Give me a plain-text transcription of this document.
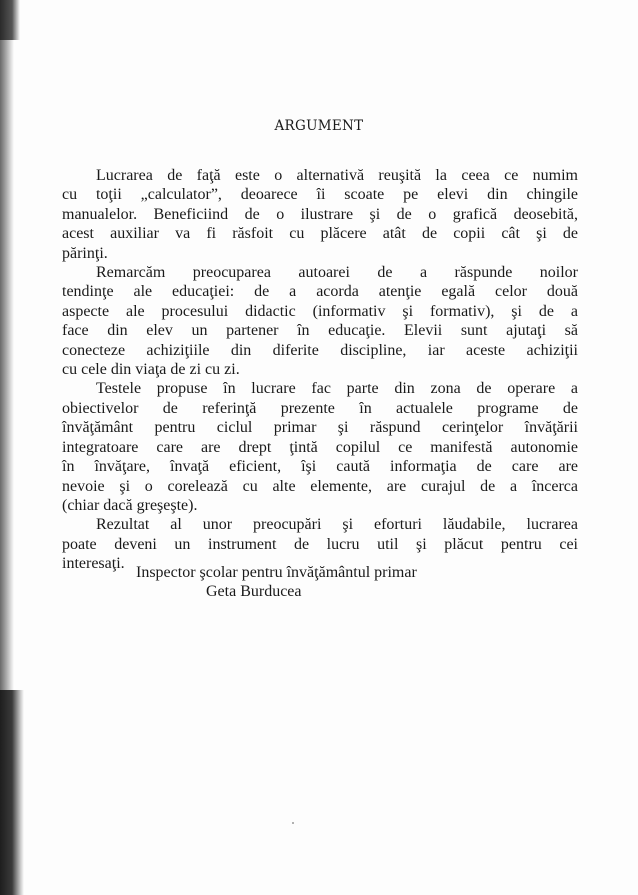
ARGUMENT
Lucrarea de faţă este o alternativă reuşită la ceea ce numim
cu toţii „calculator”, deoarece îi scoate pe elevi din chingile
manualelor. Beneficiind de o ilustrare şi de o grafică deosebită,
acest auxiliar va fi răsfoit cu plăcere atât de copii cât şi de
părinţi.
Remarcăm preocuparea autoarei de a răspunde noilor
tendinţe ale educaţiei: de a acorda atenţie egală celor două
aspecte ale procesului didactic (informativ şi formativ), şi de a
face din elev un partener în educaţie. Elevii sunt ajutaţi să
conecteze achiziţiile din diferite discipline, iar aceste achiziţii
cu cele din viaţa de zi cu zi.
Testele propuse în lucrare fac parte din zona de operare a
obiectivelor de referinţă prezente în actualele programe de
învăţământ pentru ciclul primar şi răspund cerinţelor învăţării
integratoare care are drept ţintă copilul ce manifestă autonomie
în învăţare, învaţă eficient, îşi caută informaţia de care are
nevoie şi o corelează cu alte elemente, are curajul de a încerca
(chiar dacă greşeşte).
Rezultat al unor preocupări şi eforturi lăudabile, lucrarea
poate deveni un instrument de lucru util şi plăcut pentru cei
interesaţi.
Inspector şcolar pentru învăţământul primar
Geta Burducea
